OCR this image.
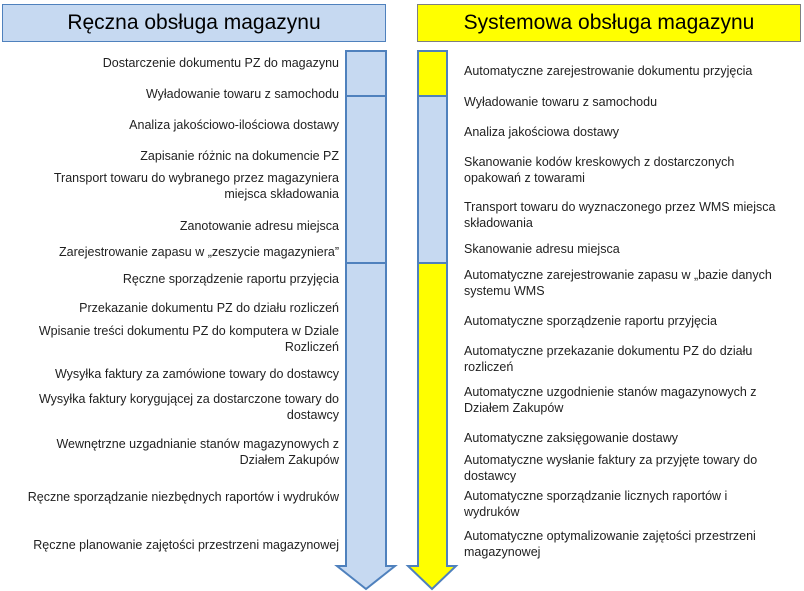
Ręczna obsługa magazynu	Systemowa obsługa magazynu
Dostarczenie dokumentu PZ do magazynu
Wyładowanie towaru z samochodu
Analiza jakościowo-ilościowa dostawy
Zapisanie różnic na dokumencie PZ
Transport towaru do wybranego przez magazyniera miejsca składowania
Zanotowanie adresu miejsca
Zarejestrowanie zapasu w „zeszycie magazyniera”
Ręczne sporządzenie raportu przyjęcia
Przekazanie dokumentu PZ do działu rozliczeń
Wpisanie treści dokumentu PZ do komputera w Dziale Rozliczeń
Wysyłka faktury za zamówione towary do dostawcy
Wysyłka faktury korygującej za dostarczone towary do dostawcy
Wewnętrzne uzgadnianie stanów magazynowych z Działem Zakupów
Ręczne sporządzanie niezbędnych raportów i wydruków
Ręczne planowanie zajętości przestrzeni magazynowej
Automatyczne zarejestrowanie dokumentu przyjęcia
Wyładowanie towaru z samochodu
Analiza jakościowa dostawy
Skanowanie kodów kreskowych z dostarczonych opakowań z towarami
Transport towaru do wyznaczonego przez WMS miejsca składowania
Skanowanie adresu miejsca
Automatyczne zarejestrowanie zapasu w „bazie danych systemu WMS
Automatyczne sporządzenie raportu przyjęcia
Automatyczne przekazanie dokumentu PZ do działu rozliczeń
Automatyczne uzgodnienie stanów magazynowych z Działem Zakupów
Automatyczne zaksięgowanie dostawy
Automatyczne wysłanie faktury za przyjęte towary do dostawcy
Automatyczne sporządzanie licznych raportów i wydruków
Automatyczne optymalizowanie zajętości przestrzeni magazynowej
